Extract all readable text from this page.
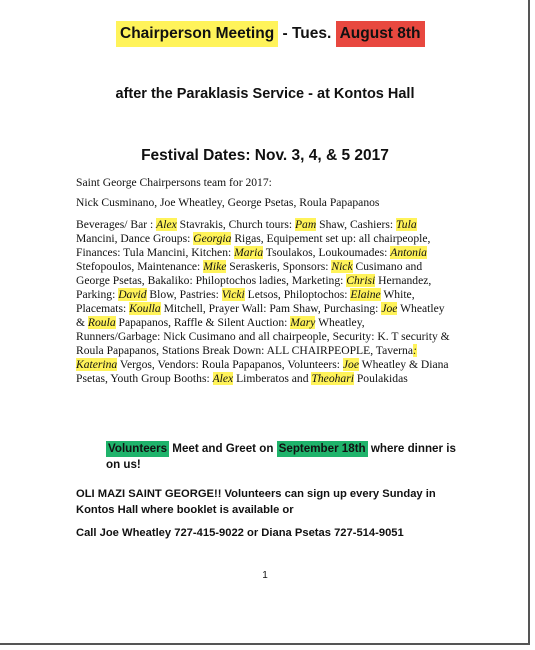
Chairperson Meeting - Tues. August 8th
after the Paraklasis Service - at Kontos Hall
Festival Dates: Nov. 3, 4, & 5 2017
Saint George Chairpersons team for 2017:
Nick Cusminano, Joe Wheatley, George Psetas, Roula Papapanos
Beverages/ Bar : Alex Stavrakis, Church tours: Pam Shaw, Cashiers: Tula Mancini, Dance Groups: Georgia Rigas, Equipement set up: all chairpeople, Finances: Tula Mancini, Kitchen: Maria Tsoulakos, Loukoumades: Antonia Stefopoulos, Maintenance: Mike Seraskeris, Sponsors: Nick Cusimano and George Psetas, Bakaliko: Philoptochos ladies, Marketing: Chrisi Hernandez, Parking: David Blow, Pastries: Vicki Letsos, Philoptochos: Elaine White, Placemats: Koulla Mitchell, Prayer Wall: Pam Shaw, Purchasing: Joe Wheatley & Roula Papapanos, Raffle & Silent Auction: Mary Wheatley, Runners/Garbage: Nick Cusimano and all chairpeople, Security: K. T security & Roula Papapanos, Stations Break Down: ALL CHAIRPEOPLE, Taverna: Katerina Vergos, Vendors: Roula Papapanos, Volunteers: Joe Wheatley & Diana Psetas, Youth Group Booths: Alex Limberatos and Theohari Poulakidas
Volunteers Meet and Greet on September 18th where dinner is on us!
OLI MAZI SAINT GEORGE!! Volunteers can sign up every Sunday in Kontos Hall where booklet is available or
Call Joe Wheatley 727-415-9022 or Diana Psetas 727-514-9051
1
